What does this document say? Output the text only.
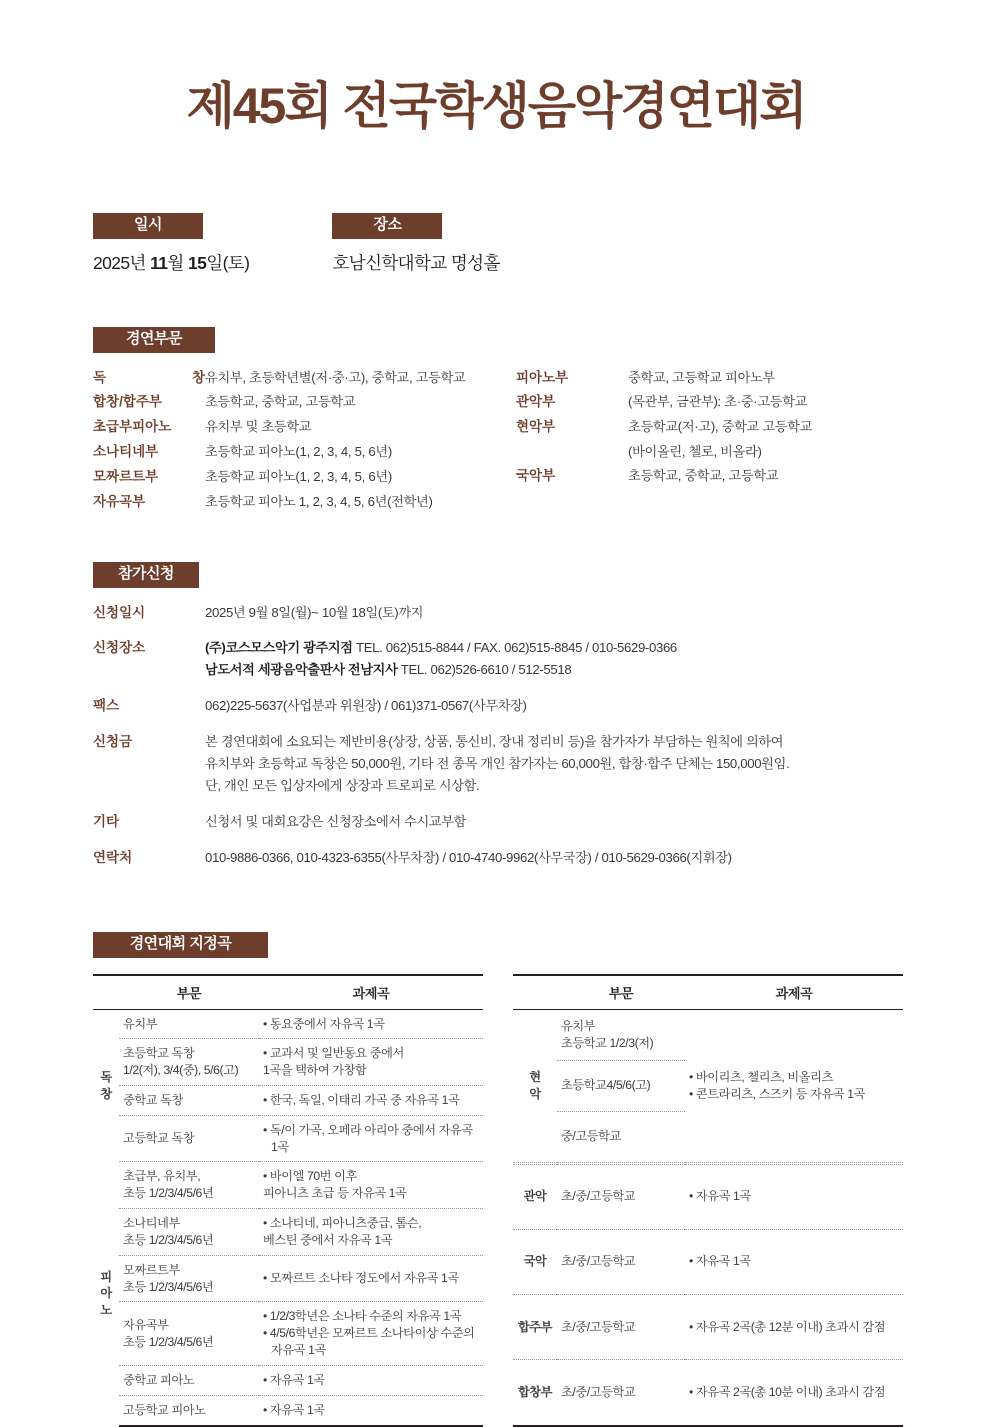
제45회 전국학생음악경연대회
일시
2025년 11월 15일(토)
장소
호남신학대학교 명성홀
경연부문
독 창 유치부, 초등학년별(저·중·고), 중학교, 고등학교
합창/합주부	초등학교, 중학교, 고등학교
초급부피아노	유치부 및 초등학교
소나티네부	초등학교 피아노(1, 2, 3, 4, 5, 6년)
모짜르트부	초등학교 피아노(1, 2, 3, 4, 5, 6년)
자유곡부	초등학교 피아노 1, 2, 3, 4, 5, 6년(전학년)
피아노부	중학교, 고등학교 피아노부
관악부	(목관부, 금관부): 초·중·고등학교
현악부	초등학교(저·고), 중학교 고등학교
(바이올린, 첼로, 비올라)
국악부	초등학교, 중학교, 고등학교
참가신청
신청일시	2025년 9월 8일(월)~ 10월 18일(토)까지
신청장소	(주)코스모스악기 광주지점 TEL. 062)515-8844 / FAX. 062)515-8845 / 010-5629-0366
남도서적 세광음악출판사 전남지사 TEL. 062)526-6610 / 512-5518
팩스	062)225-5637(사업분과 위원장) / 061)371-0567(사무차장)
신청금	본 경연대회에 소요되는 제반비용(상장, 상품, 통신비, 장내 정리비 등)을 참가자가 부담하는 원칙에 의하여
유치부와 초등학교 독창은 50,000원, 기타 전 종목 개인 참가자는 60,000원, 합창·합주 단체는 150,000원임.
단, 개인 모든 입상자에게 상장과 트로피로 시상함.
기타	신청서 및 대회요강은 신청장소에서 수시교부함
연락처	010-9886-0366, 010-4323-6355(사무차장) / 010-4740-9962(사무국장) / 010-5629-0366(지휘장)
경연대회 지정곡
	부문	과제곡

독
창	유치부	• 동요중에서 자유곡 1곡

	초등학교 독창
1/2(저), 3/4(중), 5/6(고)	• 교과서 및 일반동요 중에서
1곡을 택하여 가창함

	중학교 독창	• 한국, 독일, 이태리 가곡 중 자유곡 1곡

	고등학교 독창	• 독/이 가곡, 오페라 아리아 중에서 자유곡 1곡

피
아
노	초급부, 유치부,
초등 1/2/3/4/5/6년	• 바이엘 70번 이후
피아니츠 초급 등 자유곡 1곡

	소나티네부
초등 1/2/3/4/5/6년	• 소나티네, 피아니츠중급, 톰슨,
베스틴 중에서 자유곡 1곡

	모짜르트부
초등 1/2/3/4/5/6년	• 모짜르트 소나타 정도에서 자유곡 1곡

	자유곡부
초등 1/2/3/4/5/6년	• 1/2/3학년은 소나타 수준의 자유곡 1곡
• 4/5/6학년은 모짜르트 소나타이상 수준의 자유곡 1곡

	중학교 피아노	• 자유곡 1곡

	고등학교 피아노	• 자유곡 1곡
	부문	과제곡

현
악	유치부
초등학교 1/2/3(저)	• 바이리츠, 첼리츠, 비올리츠
• 콘트라리츠, 스즈키 등 자유곡 1곡

	초등학교4/5/6(고)	

	중/고등학교	

관악	초/중/고등학교	• 자유곡 1곡

국악	초/중/고등학교	• 자유곡 1곡

합주부	초/중/고등학교	• 자유곡 2곡(총 12분 이내) 초과시 감점

합창부	초/중/고등학교	• 자유곡 2곡(총 10분 이내) 초과시 감점
